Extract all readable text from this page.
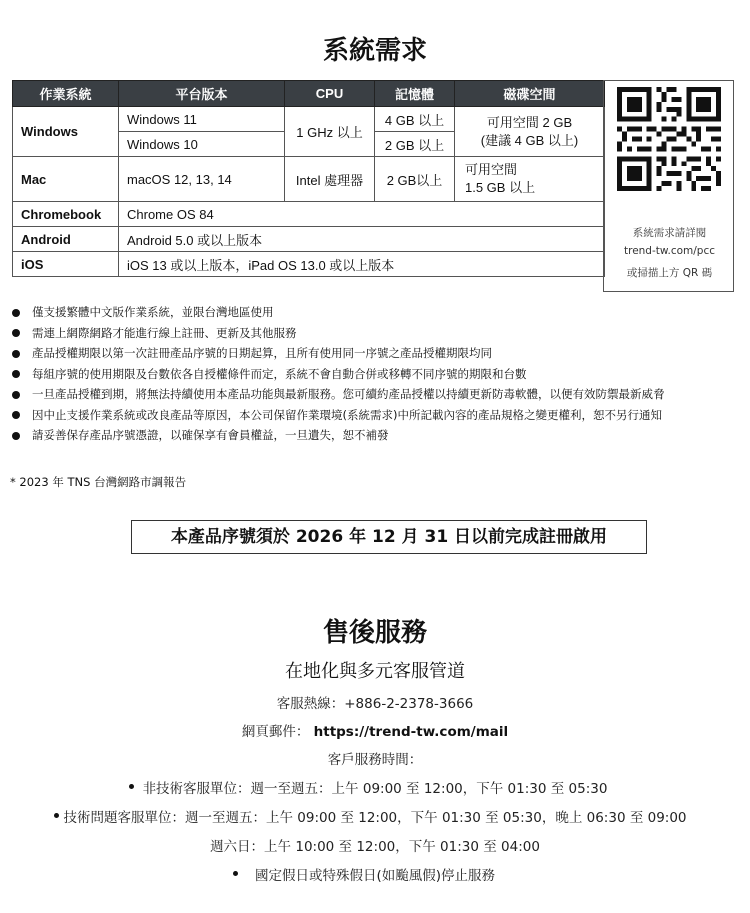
系統需求
作業系統	平台版本	CPU	記憶體	磁碟空間
Windows	Windows 11	1 GHz 以上	4 GB 以上	可用空間 2 GB
(建議 4 GB 以上)

	Windows 10		2 GB 以上	
Mac	macOS 12, 13, 14	Intel 處理器	2 GB以上	可用空間
1.5 GB 以上

Chromebook	Chrome OS 84			
Android	Android 5.0 或以上版本			
iOS	iOS 13 或以上版本，iPad OS 13.0 或以上版本			
系統需求請詳閱
trend-tw.com/pcc
或掃描上方 QR 碼
僅支援繁體中文版作業系統，並限台灣地區使用
需連上網際網路才能進行線上註冊、更新及其他服務
產品授權期限以第一次註冊產品序號的日期起算，且所有使用同一序號之產品授權期限均同
每組序號的使用期限及台數依各自授權條件而定，系統不會自動合併或移轉不同序號的期限和台數
一旦產品授權到期，將無法持續使用本產品功能與最新服務。您可續約產品授權以持續更新防毒軟體，以便有效防禦最新威脅
因中止支援作業系統或改良產品等原因，本公司保留作業環境(系統需求)中所記載內容的產品規格之變更權利，恕不另行通知
請妥善保存產品序號憑證，以確保享有會員權益，一旦遺失，恕不補發
* 2023 年 TNS 台灣網路市調報告
本產品序號須於 2026 年 12 月 31 日以前完成註冊啟用
售後服務
在地化與多元客服管道
客服熱線：+886-2-2378-3666
網頁郵件： https://trend-tw.com/mail
客戶服務時間：
非技術客服單位：週一至週五：上午 09:00 至 12:00，下午 01:30 至 05:30
技術問題客服單位：週一至週五：上午 09:00 至 12:00，下午 01:30 至 05:30，晚上 06:30 至 09:00
週六日：上午 10:00 至 12:00，下午 01:30 至 04:00
國定假日或特殊假日(如颱風假)停止服務
